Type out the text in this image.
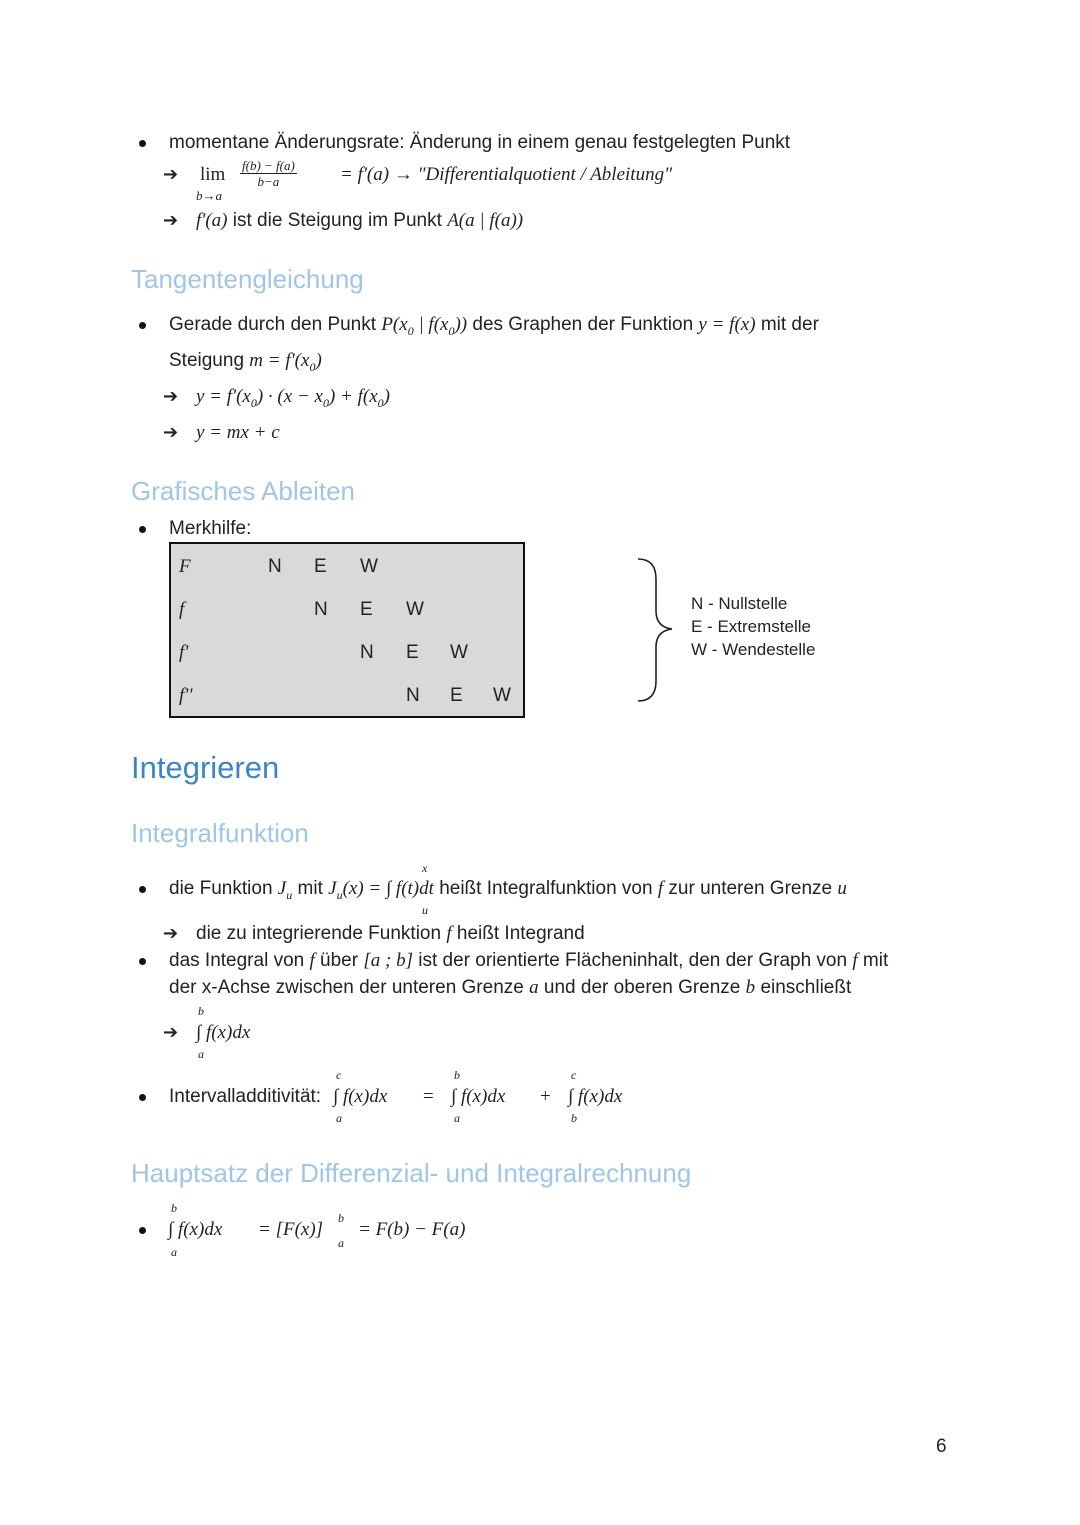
momentane Änderungsrate: Änderung in einem genau festgelegten Punkt
➔ lim
b→a
$\frac{f(b) - f(a)}{b-a} = f'(a)$ → "Differentialquotient / Ableitung"
➔ f'(a) ist die Steigung im Punkt A(a | f(a))
Tangentengleichung
Gerade durch den Punkt $P(x_0$ | $f(x_0)$) des Graphen der Funktion y = f(x) mit der
Steigung $m = f'(x_0)$
➔ $y = f'(x_0) \cdot (x - x_0) + f(x_0)$
➔ y = mx + c
Grafisches Ableiten
Merkhilfe:
F	N E W
f	N E W
f'	N E W
f''	N E W
N - Nullstelle
E - Extremstelle
W - Wendestelle
Integrieren
Integralfunktion
die Funktion $J_u$ mit $J_u(x)$ = ∫ f(t)dt heißt Integralfunktion von f zur unteren Grenze u
x
u
➔ die zu integrierende Funktion f heißt Integrand
das Integral von f über [a ; b] ist der orientierte Flächeninhalt, den der Graph von f mit
der x-Achse zwischen der unteren Grenze a und der oberen Grenze b einschließt
b
➔ ∫ f(x)dx
a
Intervalladditivität:
c
∫ f(x)dx
a
=
b
∫ f(x)dx
a
+
c
∫ f(x)dx
b
Hauptsatz der Differenzial- und Integralrechnung
b
∫ f(x)dx
a
= [F(x)]
b
a
= F(b) − F(a)
6
